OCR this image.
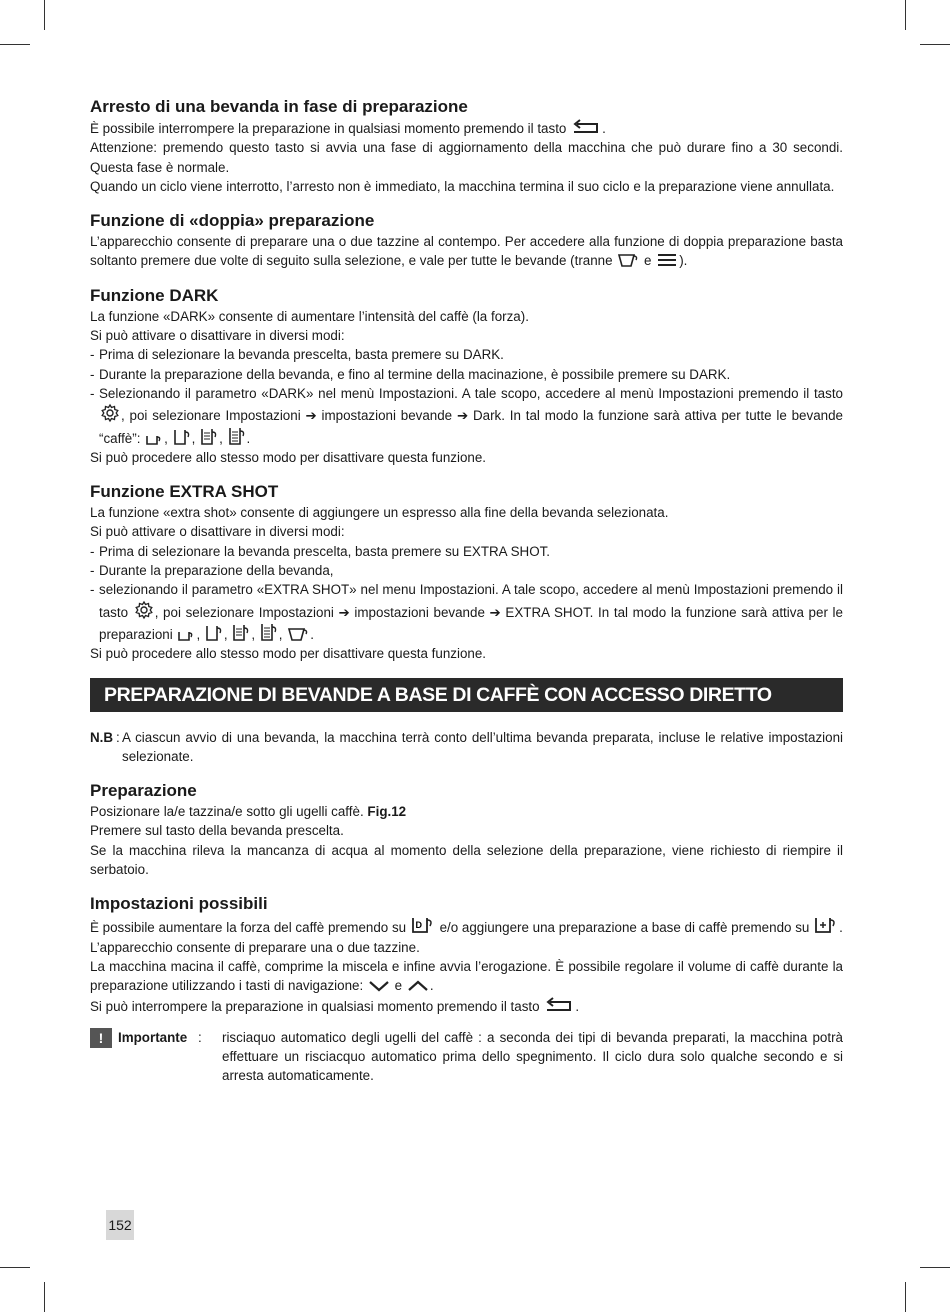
Arresto di una bevanda in fase di preparazione

È possibile interrompere la preparazione in qualsiasi momento premendo il tasto	.

Attenzione: premendo questo tasto si avvia una fase di aggiornamento della macchina che può durare fino a 30 secondi. Questa fase è normale.

Quando un ciclo viene interrotto, l’arresto non è immediato, la macchina termina il suo ciclo e la preparazione viene annullata.

Funzione di «doppia» preparazione

L’apparecchio consente di preparare una o due tazzine al contempo. Per accedere alla funzione di doppia preparazione basta soltanto premere due volte di seguito sulla selezione, e vale per tutte le bevande (tranne e ).

Funzione DARK

La funzione «DARK» consente di aumentare l’intensità del caffè (la forza).

Si può attivare o disattivare in diversi modi:

- Prima di selezionare la bevanda prescelta, basta premere su DARK.
- Durante la preparazione della bevanda, e fino al termine della macinazione, è possibile premere su DARK.
- Selezionando il parametro «DARK» nel menù Impostazioni. A tale scopo, accedere al menù Impostazioni premendo il tasto , poi selezionare Impostazioni ➔ impostazioni bevande ➔ Dark. In tal modo la funzione sarà attiva per tutte le bevande “caffè”: , , , .

Si può procedere allo stesso modo per disattivare questa funzione.

Funzione EXTRA SHOT

La funzione «extra shot» consente di aggiungere un espresso alla fine della bevanda selezionata.

Si può attivare o disattivare in diversi modi:

- Prima di selezionare la bevanda prescelta, basta premere su EXTRA SHOT.
- Durante la preparazione della bevanda,
- selezionando il parametro «EXTRA SHOT» nel menu Impostazioni. A tale scopo, accedere al menù Impostazioni premendo il tasto , poi selezionare Impostazioni ➔ impostazioni bevande ➔ EXTRA SHOT. In tal modo la funzione sarà attiva per le preparazioni , , , , .

Si può procedere allo stesso modo per disattivare questa funzione.

PREPARAZIONE DI BEVANDE A BASE DI CAFFÈ CON ACCESSO DIRETTO
N.B : A ciascun avvio di una bevanda, la macchina terrà conto dell’ultima bevanda preparata, incluse le relative impostazioni selezionate.
Preparazione

Posizionare la/e tazzina/e sotto gli ugelli caffè. Fig.12

Premere sul tasto della bevanda prescelta.

Se la macchina rileva la mancanza di acqua al momento della selezione della preparazione, viene richiesto di riempire il serbatoio.

Impostazioni possibili

È possibile aumentare la forza del caffè premendo su D e/o aggiungere una preparazione a base di caffè premendo su .

L’apparecchio consente di preparare una o due tazzine.

La macchina macina il caffè, comprime la miscela e infine avvia l’erogazione. È possibile regolare il volume di caffè durante la preparazione utilizzando i tasti di navigazione: e .

Si può interrompere la preparazione in qualsiasi momento premendo il tasto	.

!	Importante :	risciaquo automatico degli ugelli del caffè : a seconda dei tipi di bevanda preparati, la macchina potrà effettuare un risciacquo automatico prima dello spegnimento. Il ciclo dura solo qualche secondo e si arresta automaticamente.
152
